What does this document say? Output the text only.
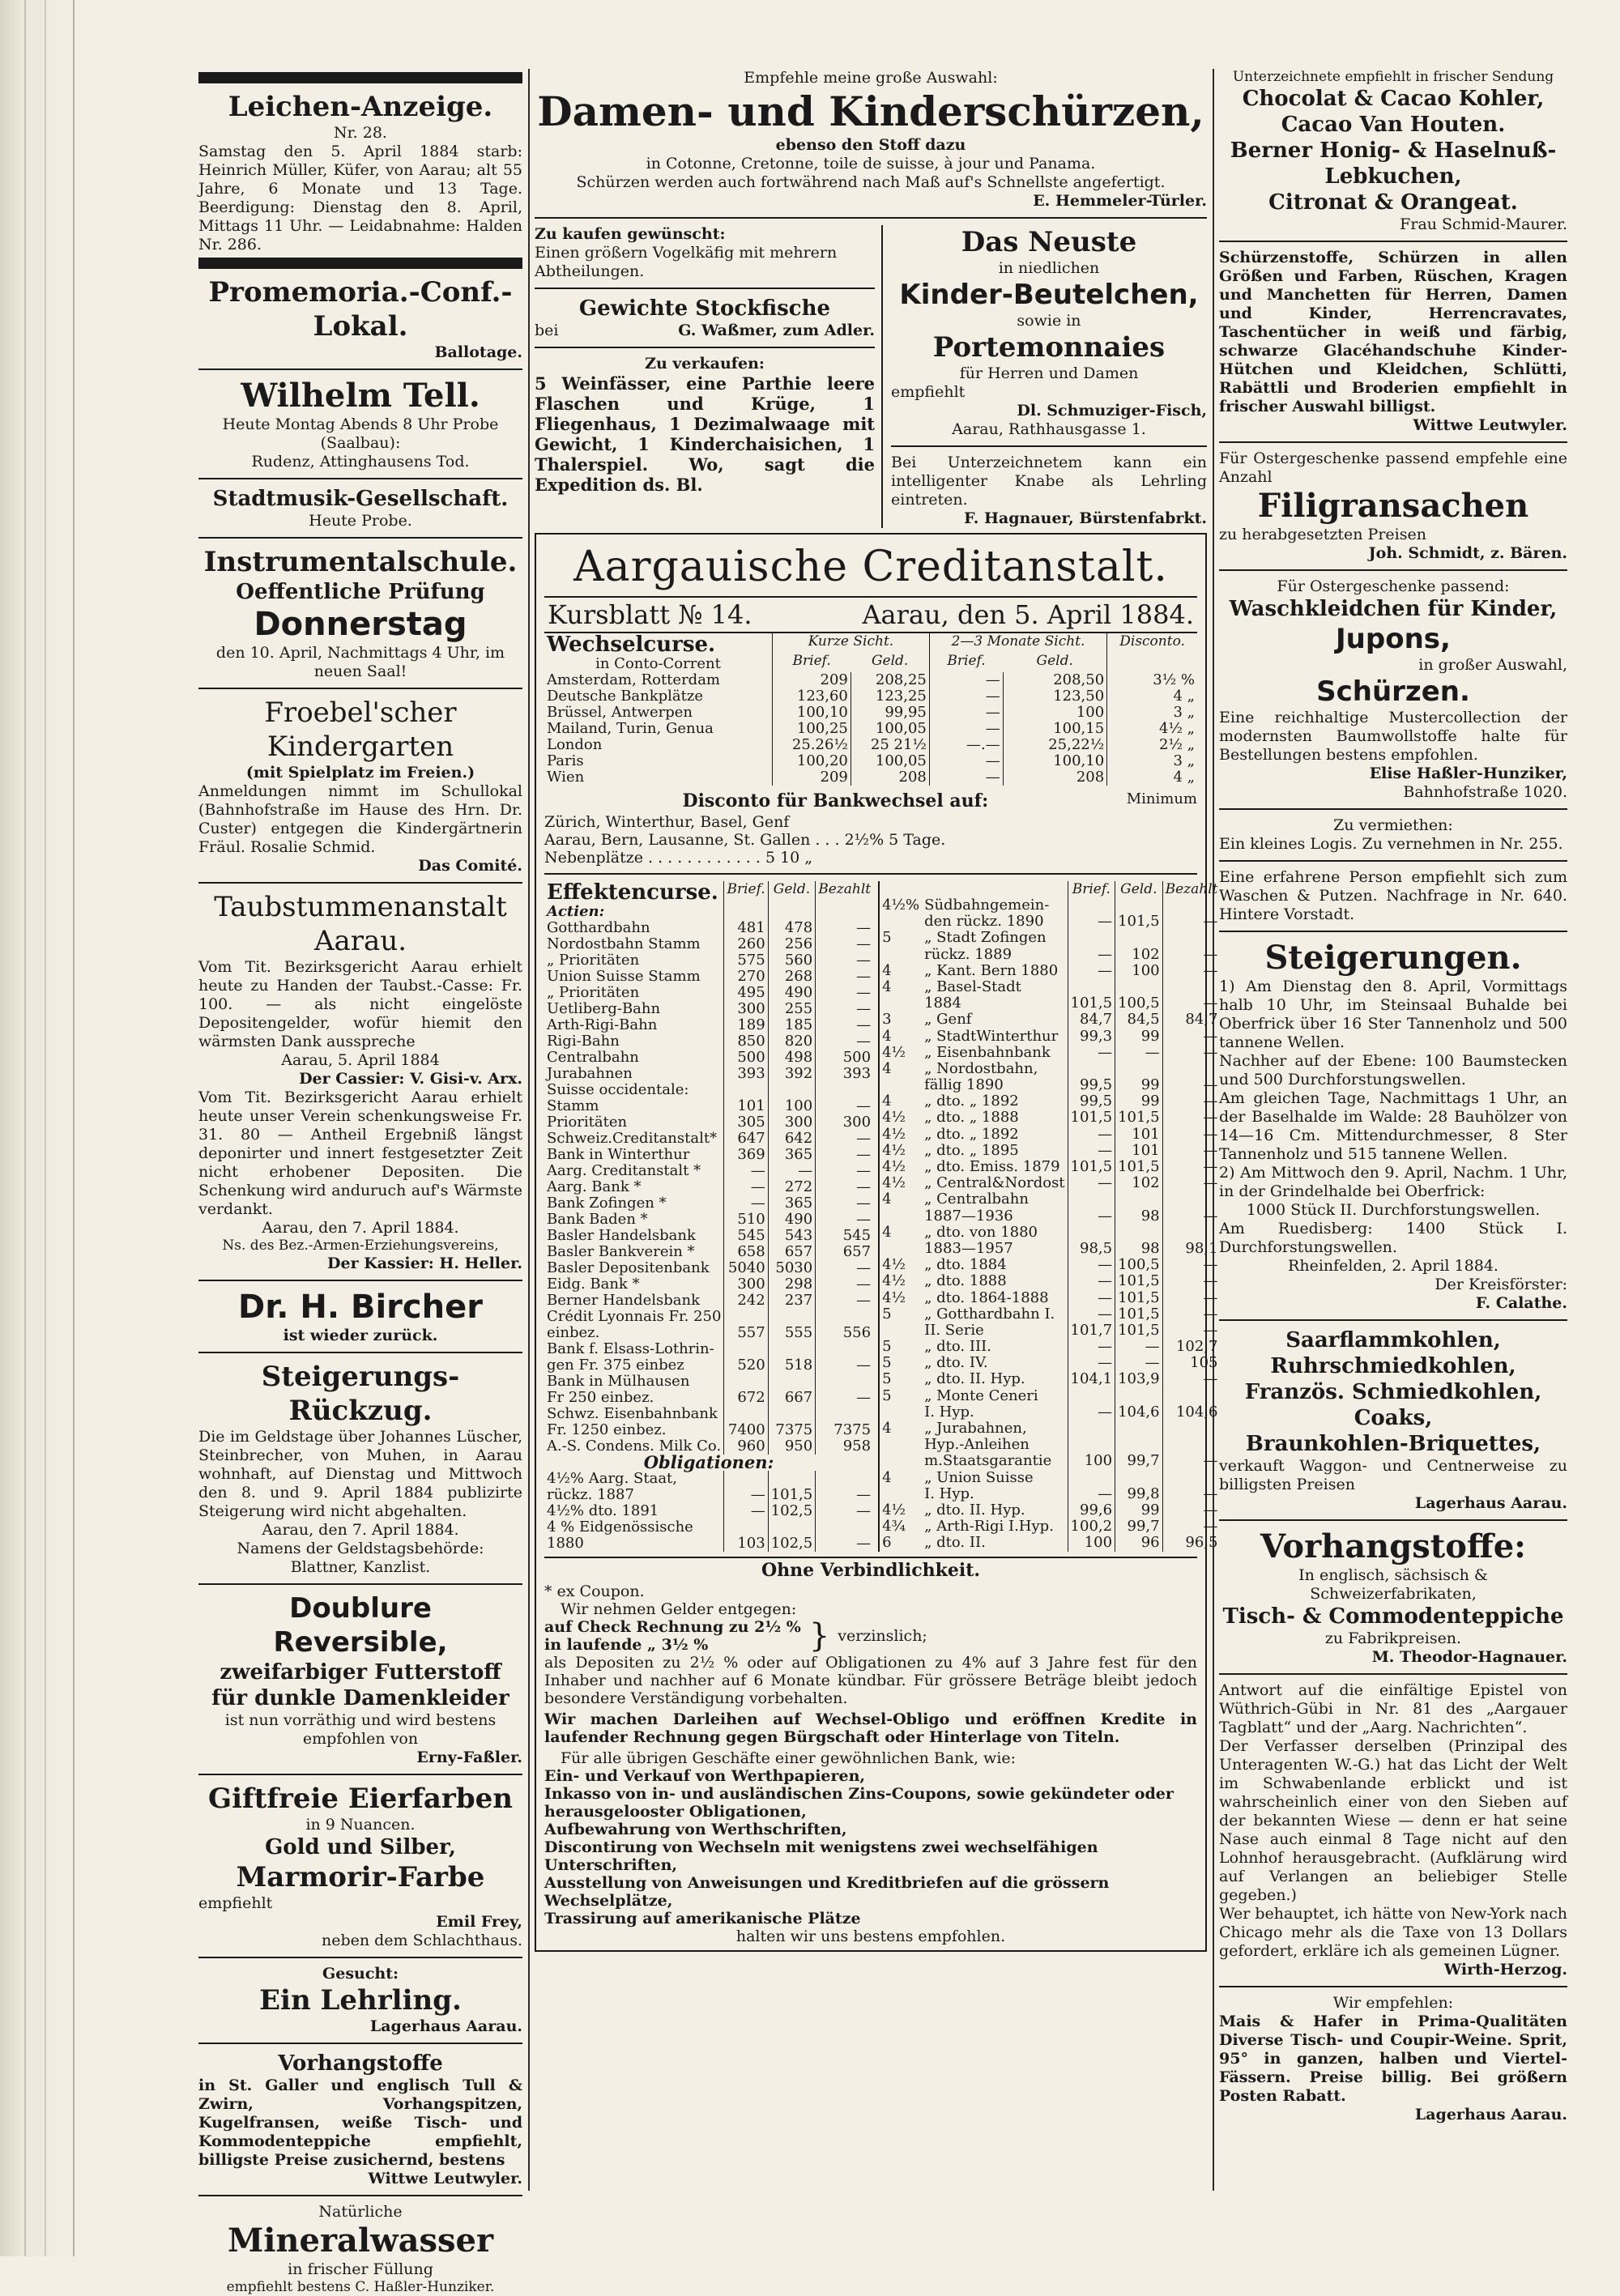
Leichen-Anzeige.

Nr. 28.

Samstag den 5. April 1884 starb: Heinrich Müller, Küfer, von Aarau; alt 55 Jahre, 6 Monate und 13 Tage. Beerdigung: Dienstag den 8. April, Mittags 11 Uhr. — Leidabnahme: Halden Nr. 286.

Promemoria.-Conf.-Lokal.

Ballotage.

Wilhelm Tell.

Heute Montag Abends 8 Uhr Probe (Saalbau):

Rudenz, Attinghausens Tod.

Stadtmusik-Gesellschaft.

Heute Probe.

Instrumentalschule.

Oeffentliche Prüfung

Donnerstag

den 10. April, Nachmittags 4 Uhr, im neuen Saal!

Froebel'scher Kindergarten

(mit Spielplatz im Freien.)

Anmeldungen nimmt im Schullokal (Bahnhofstraße im Hause des Hrn. Dr. Custer) entgegen die Kindergärtnerin Fräul. Rosalie Schmid.

Das Comité.

Taubstummenanstalt Aarau.

Vom Tit. Bezirksgericht Aarau erhielt heute zu Handen der Taubst.-Casse: Fr. 100. — als nicht eingelöste Depositengelder, wofür hiemit den wärmsten Dank ausspreche

Aarau, 5. April 1884

Der Cassier: V. Gisi-v. Arx.

Vom Tit. Bezirksgericht Aarau erhielt heute unser Verein schenkungsweise Fr. 31. 80 — Antheil Ergebniß längst deponirter und innert festgesetzter Zeit nicht erhobener Depositen. Die Schenkung wird anduruch auf's Wärmste verdankt.

Aarau, den 7. April 1884.

Ns. des Bez.-Armen-Erziehungsvereins,

Der Kassier: H. Heller.

Dr. H. Bircher

ist wieder zurück.

Steigerungs-Rückzug.

Die im Geldstage über Johannes Lüscher, Steinbrecher, von Muhen, in Aarau wohnhaft, auf Dienstag und Mittwoch den 8. und 9. April 1884 publizirte Steigerung wird nicht abgehalten.

Aarau, den 7. April 1884.

Namens der Geldstagsbehörde:

Blattner, Kanzlist.

Doublure Reversible,

zweifarbiger Futterstoff für dunkle Damenkleider

ist nun vorräthig und wird bestens empfohlen von

Erny-Faßler.

Giftfreie Eierfarben

in 9 Nuancen.

Gold und Silber,

Marmorir-Farbe

empfiehlt

Emil Frey,

neben dem Schlachthaus.

Gesucht:

Ein Lehrling.

Lagerhaus Aarau.

Vorhangstoffe

in St. Galler und englisch Tull & Zwirn, Vorhangspitzen, Kugelfransen, weiße Tisch- und Kommodenteppiche empfiehlt, billigste Preise zusichernd, bestens

Wittwe Leutwyler.

Natürliche

Mineralwasser

in frischer Füllung

empfiehlt bestens C. Haßler-Hunziker.

Empfehle meine große Auswahl:

Damen- und Kinderschürzen,

ebenso den Stoff dazu

in Cotonne, Cretonne, toile de suisse, à jour und Panama.

Schürzen werden auch fortwährend nach Maß auf's Schnellste angefertigt.

E. Hemmeler-Türler.

Zu kaufen gewünscht:

Einen größern Vogelkäfig mit mehrern Abtheilungen.

Gewichte Stockfische

bei	G. Waßmer, zum Adler.

Zu verkaufen:

5 Weinfässer, eine Parthie leere Flaschen und Krüge, 1 Fliegenhaus, 1 Dezimalwaage mit Gewicht, 1 Kinderchaisichen, 1 Thalerspiel. Wo, sagt die Expedition ds. Bl.

Das Neuste

in niedlichen

Kinder-Beutelchen,

sowie in

Portemonnaies

für Herren und Damen

empfiehlt

Dl. Schmuziger-Fisch,

Aarau, Rathhausgasse 1.

Bei Unterzeichnetem kann ein intelligenter Knabe als Lehrling eintreten.

F. Hagnauer, Bürstenfabrkt.

Aargauische Creditanstalt.
Kursblatt № 14.	Aarau, den 5. April 1884.
Wechselcurse.
in Conto-Corrent	Kurze Sicht.		2—3 Monate Sicht.		Disconto.
	Brief.	Geld.	Brief.	Geld.	
Amsterdam, Rotterdam	209	208,25	—	208,50	3½ %
Deutsche Bankplätze	123,60	123,25	—	123,50	4 „
Brüssel, Antwerpen	100,10	99,95	—	100	3 „
Mailand, Turin, Genua	100,25	100,05	—	100,15	4½ „
London	25.26½	25 21½	—.—	25,22½	2½ „
Paris	100,20	100,05	—	100,10	3 „
Wien	209	208	—	208	4 „
Disconto für Bankwechsel auf:	Minimum
Zürich, Winterthur, Basel, Genf
Aarau, Bern, Lausanne, St. Gallen . . . 2½% 5 Tage.
Nebenplätze . . . . . . . . . . . . 5 10 „
Effektencurse.
Actien:	Brief.	Geld.	Bezahlt
Gotthardbahn	481	478	—
Nordostbahn Stamm	260	256	—
„ Prioritäten	575	560	—
Union Suisse Stamm	270	268	—
„ Prioritäten	495	490	—
Uetliberg-Bahn	300	255	—
Arth-Rigi-Bahn	189	185	—
Rigi-Bahn	850	820	—
Centralbahn	500	498	500
Jurabahnen	393	392	393
Suisse occidentale:			
Stamm	101	100	—
Prioritäten	305	300	300

Schweiz.Creditanstalt*	647	642	—
Bank in Winterthur	369	365	—
Aarg. Creditanstalt *	—	—	—
Aarg. Bank *	—	272	—
Bank Zofingen *	—	365	—
Bank Baden *	510	490	—
Basler Handelsbank	545	543	545
Basler Bankverein *	658	657	657
Basler Depositenbank	5040	5030	—
Eidg. Bank *	300	298	—
Berner Handelsbank	242	237	—
Crédit Lyonnais Fr. 250			
einbez.	557	555	556
Bank f. Elsass-Lothrin-			
gen Fr. 375 einbez	520	518	—
Bank in Mülhausen			
Fr 250 einbez.	672	667	—
Schwz. Eisenbahnbank			
Fr. 1250 einbez.	7400	7375	7375
A.-S. Condens. Milk Co.	960	950	958
Obligationen:			
4½% Aarg. Staat,			
rückz. 1887	—	101,5	—
4½% dto. 1891	—	102,5	—
4 % Eidgenössische			
1880	103	102,5	—
		Brief.	Geld.	Bezahlt
4½%	Südbahngemein-			
	den rückz. 1890	—	101,5	—
5	„ Stadt Zofingen			
	rückz. 1889	—	102	—
4	„ Kant. Bern 1880	—	100	—
4	„ Basel-Stadt			
	1884	101,5	100,5	—
3	„ Genf	84,7	84,5	84,7
4	„ StadtWinterthur	99,3	99	—
4½	„ Eisenbahnbank	—	—	—
4	„ Nordostbahn,			
	fällig 1890	99,5	99	—
4	„ dto. „ 1892	99,5	99	—
4½	„ dto. „ 1888	101,5	101,5	—
4½	„ dto. „ 1892	—	101	—
4½	„ dto. „ 1895	—	101	—
4½	„ dto. Emiss. 1879	101,5	101,5	—
4½	„ Central&Nordost	—	102	—
4	„ Centralbahn			
	1887—1936	—	98	—
4	„ dto. von 1880			
	1883—1957	98,5	98	98,1
4½	„ dto. 1884	—	100,5	—
4½	„ dto. 1888	—	101,5	—
4½	„ dto. 1864-1888	—	101,5	—
5	„ Gotthardbahn I.	—	101,5	—
	II. Serie	101,7	101,5	—
5	„ dto. III.	—	—	102,7
5	„ dto. IV.	—	—	105
5	„ dto. II. Hyp.	104,1	103,9	—
5	„ Monte Ceneri			
	I. Hyp.	—	104,6	104,6
4	„ Jurabahnen,			
	Hyp.-Anleihen			
	m.Staatsgarantie	100	99,7	—
4	„ Union Suisse			
	I. Hyp.	—	99,8	—
4½	„ dto. II. Hyp.	99,6	99	—
4¾	„ Arth-Rigi I.Hyp.	100,2	99,7	—
6	„ dto. II.	100	96	96,5
Ohne Verbindlichkeit.

* ex Coupon.

Wir nehmen Gelder entgegen:

auf Check Rechnung zu 2½ %
in laufende „ 3½ %	} verzinslich;

als Depositen zu 2½ % oder auf Obligationen zu 4% auf 3 Jahre fest für den Inhaber und nachher auf 6 Monate kündbar. Für grössere Beträge bleibt jedoch besondere Verständigung vorbehalten.

Wir machen Darleihen auf Wechsel-Obligo und eröffnen Kredite in laufender Rechnung gegen Bürgschaft oder Hinterlage von Titeln.

Für alle übrigen Geschäfte einer gewöhnlichen Bank, wie:

Ein- und Verkauf von Werthpapieren,

Inkasso von in- und ausländischen Zins-Coupons, sowie gekündeter oder herausgelooster Obligationen,

Aufbewahrung von Werthschriften,

Discontirung von Wechseln mit wenigstens zwei wechselfähigen Unterschriften,

Ausstellung von Anweisungen und Kreditbriefen auf die grössern Wechselplätze,

Trassirung auf amerikanische Plätze

halten wir uns bestens empfohlen.

Unterzeichnete empfiehlt in frischer Sendung

Chocolat & Cacao Kohler,
Cacao Van Houten.
Berner Honig- & Haselnuß-Lebkuchen,
Citronat & Orangeat.

Frau Schmid-Maurer.

Schürzenstoffe, Schürzen in allen Größen und Farben, Rüschen, Kragen und Manchetten für Herren, Damen und Kinder, Herrencravates, Taschentücher in weiß und färbig, schwarze Glacéhandschuhe Kinder-Hütchen und Kleidchen, Schlütti, Rabättli und Broderien empfiehlt in frischer Auswahl billigst.

Wittwe Leutwyler.

Für Ostergeschenke passend empfehle eine Anzahl

Filigransachen

zu herabgesetzten Preisen

Joh. Schmidt, z. Bären.

Für Ostergeschenke passend:

Waschkleidchen für Kinder,
Jupons,

in großer Auswahl,

Schürzen.

Eine reichhaltige Mustercollection der modernsten Baumwollstoffe halte für Bestellungen bestens empfohlen.

Elise Haßler-Hunziker,

Bahnhofstraße 1020.

Zu vermiethen:

Ein kleines Logis. Zu vernehmen in Nr. 255.

Eine erfahrene Person empfiehlt sich zum Waschen & Putzen. Nachfrage in Nr. 640. Hintere Vorstadt.

Steigerungen.

1) Am Dienstag den 8. April, Vormittags halb 10 Uhr, im Steinsaal Buhalde bei Oberfrick über 16 Ster Tannenholz und 500 tannene Wellen.

Nachher auf der Ebene: 100 Baumstecken und 500 Durchforstungswellen.

Am gleichen Tage, Nachmittags 1 Uhr, an der Baselhalde im Walde: 28 Bauhölzer von 14—16 Cm. Mittendurchmesser, 8 Ster Tannenholz und 515 tannene Wellen.

2) Am Mittwoch den 9. April, Nachm. 1 Uhr, in der Grindelhalde bei Oberfrick:

1000 Stück II. Durchforstungswellen.

Am Ruedisberg: 1400 Stück I. Durchforstungswellen.

Rheinfelden, 2. April 1884.

Der Kreisförster:

F. Calathe.

Saarflammkohlen,
Ruhrschmiedkohlen,
Französ. Schmiedkohlen,
Coaks,
Braunkohlen-Briquettes,

verkauft Waggon- und Centnerweise zu billigsten Preisen

Lagerhaus Aarau.

Vorhangstoffe:

In englisch, sächsisch & Schweizerfabrikaten,

Tisch- & Commodenteppiche

zu Fabrikpreisen.

M. Theodor-Hagnauer.

Antwort auf die einfältige Epistel von Wüthrich-Gübi in Nr. 81 des „Aargauer Tagblatt“ und der „Aarg. Nachrichten“.

Der Verfasser derselben (Prinzipal des Unteragenten W.-G.) hat das Licht der Welt im Schwabenlande erblickt und ist wahrscheinlich einer von den Sieben auf der bekannten Wiese — denn er hat seine Nase auch einmal 8 Tage nicht auf den Lohnhof herausgebracht. (Aufklärung wird auf Verlangen an beliebiger Stelle gegeben.)

Wer behauptet, ich hätte von New-York nach Chicago mehr als die Taxe von 13 Dollars gefordert, erkläre ich als gemeinen Lügner.

Wirth-Herzog.

Wir empfehlen:

Mais & Hafer in Prima-Qualitäten Diverse Tisch- und Coupir-Weine. Sprit, 95° in ganzen, halben und Viertel-Fässern. Preise billig. Bei größern Posten Rabatt.

Lagerhaus Aarau.
